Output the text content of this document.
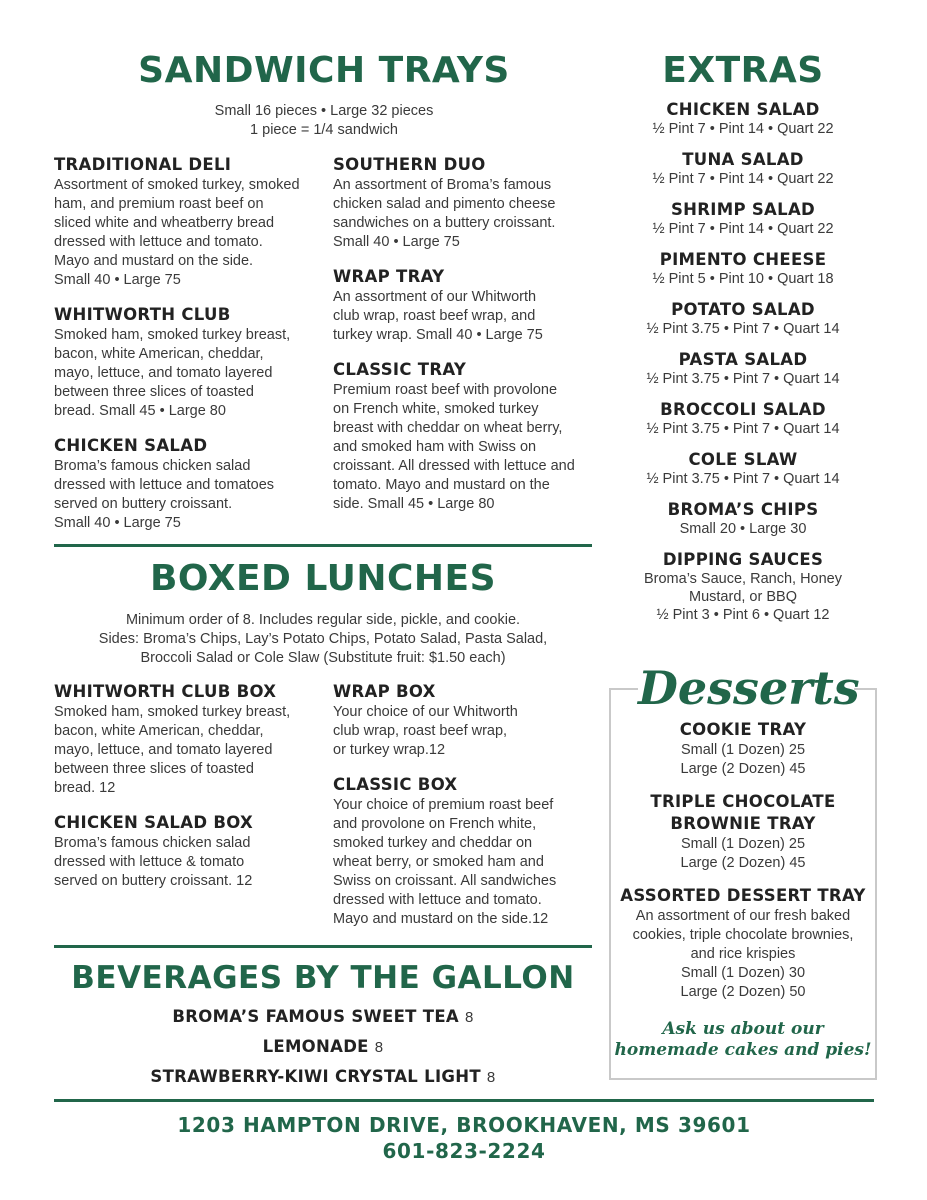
SANDWICH TRAYS
Small 16 pieces • Large 32 pieces
1 piece = 1/4 sandwich
TRADITIONAL DELI
Assortment of smoked turkey, smoked
ham, and premium roast beef on
sliced white and wheatberry bread
dressed with lettuce and tomato.
Mayo and mustard on the side.
Small 40 • Large 75
WHITWORTH CLUB
Smoked ham, smoked turkey breast,
bacon, white American, cheddar,
mayo, lettuce, and tomato layered
between three slices of toasted
bread. Small 45 • Large 80
CHICKEN SALAD
Broma’s famous chicken salad
dressed with lettuce and tomatoes
served on buttery croissant.
Small 40 • Large 75
SOUTHERN DUO
An assortment of Broma’s famous
chicken salad and pimento cheese
sandwiches on a buttery croissant.
Small 40 • Large 75
WRAP TRAY
An assortment of our Whitworth
club wrap, roast beef wrap, and
turkey wrap. Small 40 • Large 75
CLASSIC TRAY
Premium roast beef with provolone
on French white, smoked turkey
breast with cheddar on wheat berry,
and smoked ham with Swiss on
croissant. All dressed with lettuce and
tomato. Mayo and mustard on the
side. Small 45 • Large 80
BOXED LUNCHES
Minimum order of 8. Includes regular side, pickle, and cookie.
Sides: Broma’s Chips, Lay’s Potato Chips, Potato Salad, Pasta Salad,
Broccoli Salad or Cole Slaw (Substitute fruit: $1.50 each)
WHITWORTH CLUB BOX
Smoked ham, smoked turkey breast,
bacon, white American, cheddar,
mayo, lettuce, and tomato layered
between three slices of toasted
bread. 12
CHICKEN SALAD BOX
Broma’s famous chicken salad
dressed with lettuce & tomato
served on buttery croissant. 12
WRAP BOX
Your choice of our Whitworth
club wrap, roast beef wrap,
or turkey wrap.12
CLASSIC BOX
Your choice of premium roast beef
and provolone on French white,
smoked turkey and cheddar on
wheat berry, or smoked ham and
Swiss on croissant. All sandwiches
dressed with lettuce and tomato.
Mayo and mustard on the side.12
BEVERAGES BY THE GALLON
BROMA’S FAMOUS SWEET TEA 8
LEMONADE 8
STRAWBERRY-KIWI CRYSTAL LIGHT 8
EXTRAS
CHICKEN SALAD
½ Pint 7 • Pint 14 • Quart 22
TUNA SALAD
½ Pint 7 • Pint 14 • Quart 22
SHRIMP SALAD
½ Pint 7 • Pint 14 • Quart 22
PIMENTO CHEESE
½ Pint 5 • Pint 10 • Quart 18
POTATO SALAD
½ Pint 3.75 • Pint 7 • Quart 14
PASTA SALAD
½ Pint 3.75 • Pint 7 • Quart 14
BROCCOLI SALAD
½ Pint 3.75 • Pint 7 • Quart 14
COLE SLAW
½ Pint 3.75 • Pint 7 • Quart 14
BROMA’S CHIPS
Small 20 • Large 30
DIPPING SAUCES
Broma’s Sauce, Ranch, Honey
Mustard, or BBQ
½ Pint 3 • Pint 6 • Quart 12
Desserts
COOKIE TRAY
Small (1 Dozen) 25
Large (2 Dozen) 45
TRIPLE CHOCOLATE
BROWNIE TRAY
Small (1 Dozen) 25
Large (2 Dozen) 45
ASSORTED DESSERT TRAY
An assortment of our fresh baked
cookies, triple chocolate brownies,
and rice krispies
Small (1 Dozen) 30
Large (2 Dozen) 50
Ask us about our
homemade cakes and pies!
1203 HAMPTON DRIVE, BROOKHAVEN, MS 39601
601-823-2224
